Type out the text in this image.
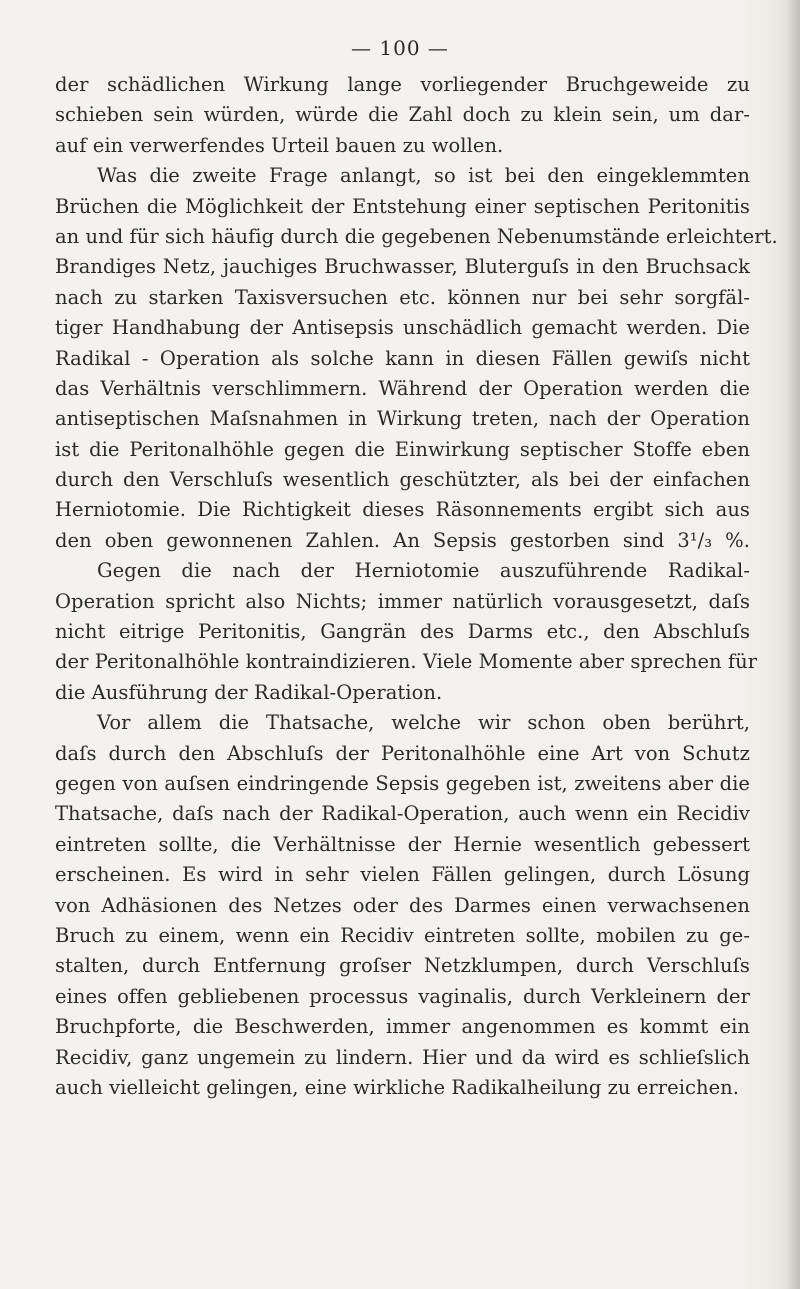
— 100 —
der schädlichen Wirkung lange vorliegender Bruchgeweide zu
schieben sein würden, würde die Zahl doch zu klein sein, um dar-
auf ein verwerfendes Urteil bauen zu wollen.
Was die zweite Frage anlangt, so ist bei den eingeklemmten
Brüchen die Möglichkeit der Entstehung einer septischen Peritonitis
an und für sich häufig durch die gegebenen Nebenumstände erleichtert.
Brandiges Netz, jauchiges Bruchwasser, Bluterguſs in den Bruchsack
nach zu starken Taxisversuchen etc. können nur bei sehr sorgfäl-
tiger Handhabung der Antisepsis unschädlich gemacht werden. Die
Radikal - Operation als solche kann in diesen Fällen gewiſs nicht
das Verhältnis verschlimmern. Während der Operation werden die
antiseptischen Maſsnahmen in Wirkung treten, nach der Operation
ist die Peritonalhöhle gegen die Einwirkung septischer Stoffe eben
durch den Verschluſs wesentlich geschützter, als bei der einfachen
Herniotomie. Die Richtigkeit dieses Räsonnements ergibt sich aus
den oben gewonnenen Zahlen. An Sepsis gestorben sind 3¹/₃ %.
Gegen die nach der Herniotomie auszuführende Radikal-
Operation spricht also Nichts; immer natürlich vorausgesetzt, daſs
nicht eitrige Peritonitis, Gangrän des Darms etc., den Abschluſs
der Peritonalhöhle kontraindizieren. Viele Momente aber sprechen für
die Ausführung der Radikal-Operation.
Vor allem die Thatsache, welche wir schon oben berührt,
daſs durch den Abschluſs der Peritonalhöhle eine Art von Schutz
gegen von auſsen eindringende Sepsis gegeben ist, zweitens aber die
Thatsache, daſs nach der Radikal-Operation, auch wenn ein Recidiv
eintreten sollte, die Verhältnisse der Hernie wesentlich gebessert
erscheinen. Es wird in sehr vielen Fällen gelingen, durch Lösung
von Adhäsionen des Netzes oder des Darmes einen verwachsenen
Bruch zu einem, wenn ein Recidiv eintreten sollte, mobilen zu ge-
stalten, durch Entfernung groſser Netzklumpen, durch Verschluſs
eines offen gebliebenen processus vaginalis, durch Verkleinern der
Bruchpforte, die Beschwerden, immer angenommen es kommt ein
Recidiv, ganz ungemein zu lindern. Hier und da wird es schlieſslich
auch vielleicht gelingen, eine wirkliche Radikalheilung zu erreichen.
